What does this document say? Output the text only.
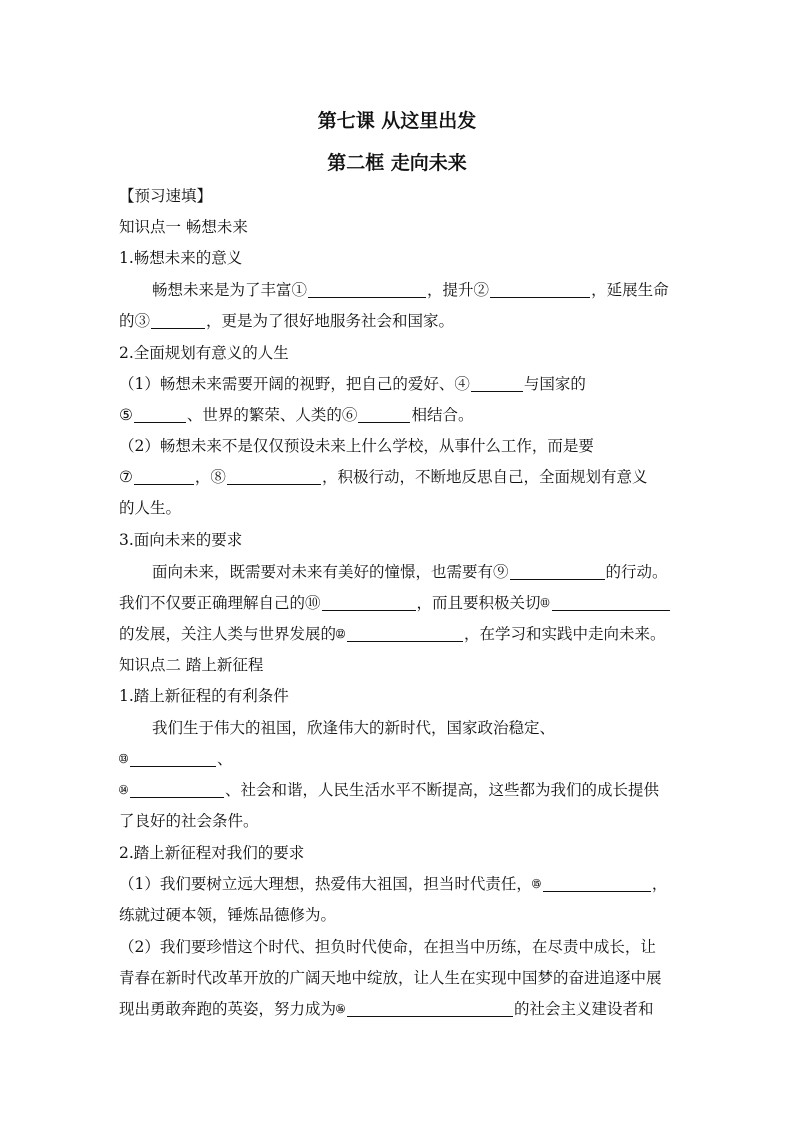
第七课 从这里出发
第二框 走向未来
【预习速填】
知识点一 畅想未来
1.畅想未来的意义
畅想未来是为了丰富①	，提升②	，延展生命
的③	，更是为了很好地服务社会和国家。
2.全面规划有意义的人生
（1）畅想未来需要开阔的视野，把自己的爱好、④	与国家的
⑤	、世界的繁荣、人类的⑥	相结合。
（2）畅想未来不是仅仅预设未来上什么学校，从事什么工作，而是要
⑦	，⑧	，积极行动，不断地反思自己，全面规划有意义
的人生。
3.面向未来的要求
面向未来，既需要对未来有美好的憧憬，也需要有⑨	的行动。
我们不仅要正确理解自己的⑩	，而且要积极关切⑪
的发展，关注人类与世界发展的⑫	，在学习和实践中走向未来。
知识点二 踏上新征程
1.踏上新征程的有利条件
我们生于伟大的祖国，欣逢伟大的新时代，国家政治稳定、
⑬	、
⑭	、社会和谐，人民生活水平不断提高，这些都为我们的成长提供
了良好的社会条件。
2.踏上新征程对我们的要求
（1）我们要树立远大理想，热爱伟大祖国，担当时代责任，⑮	，
练就过硬本领，锤炼品德修为。
（2）我们要珍惜这个时代、担负时代使命，在担当中历练，在尽责中成长，让
青春在新时代改革开放的广阔天地中绽放，让人生在实现中国梦的奋进追逐中展
现出勇敢奔跑的英姿，努力成为⑯	的社会主义建设者和
